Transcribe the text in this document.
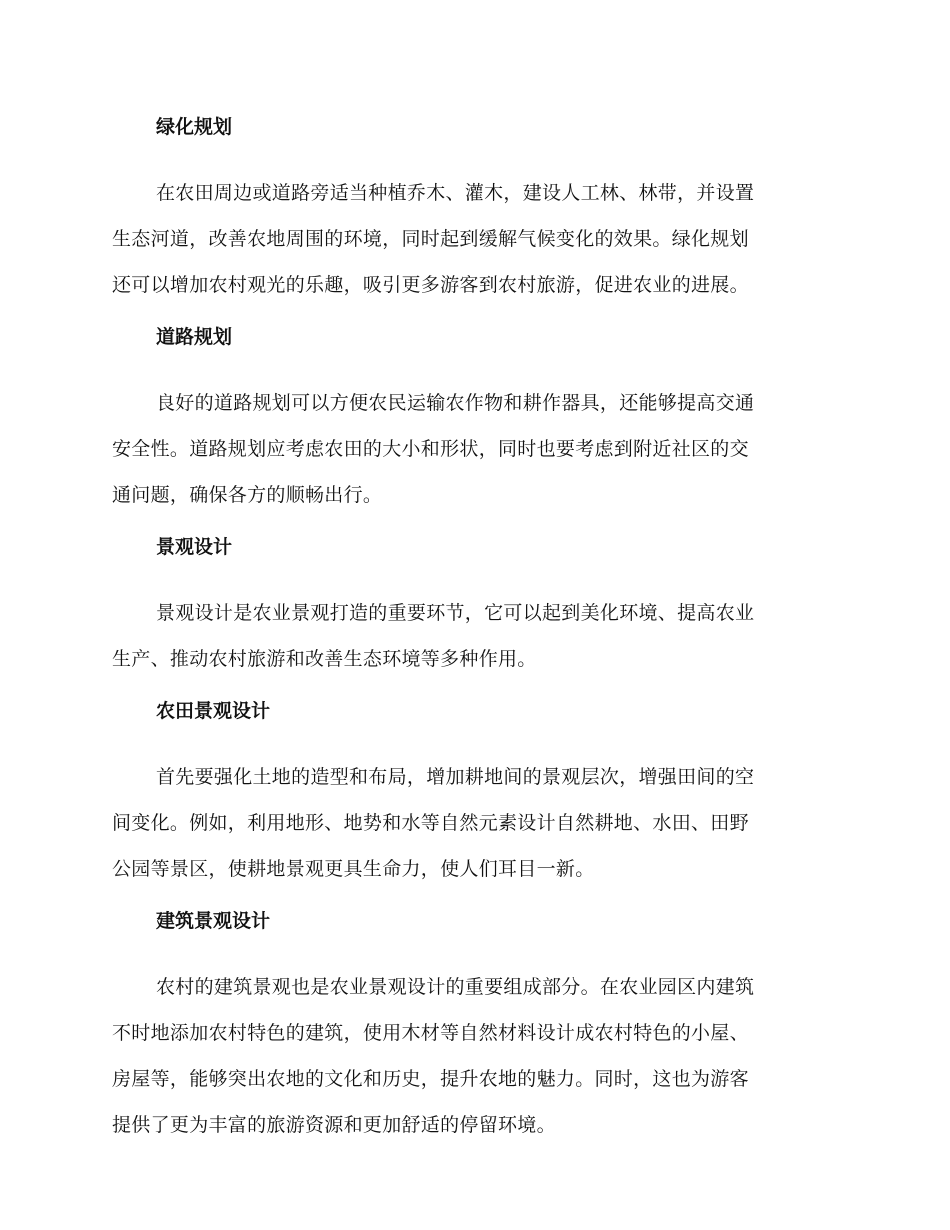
绿化规划
在农田周边或道路旁适当种植乔木、灌木，建设人工林、林带，并设置
生态河道，改善农地周围的环境，同时起到缓解气候变化的效果。绿化规划
还可以增加农村观光的乐趣，吸引更多游客到农村旅游，促进农业的进展。
道路规划
良好的道路规划可以方便农民运输农作物和耕作器具，还能够提高交通
安全性。道路规划应考虑农田的大小和形状，同时也要考虑到附近社区的交
通问题，确保各方的顺畅出行。
景观设计
景观设计是农业景观打造的重要环节，它可以起到美化环境、提高农业
生产、推动农村旅游和改善生态环境等多种作用。
农田景观设计
首先要强化土地的造型和布局，增加耕地间的景观层次，增强田间的空
间变化。例如，利用地形、地势和水等自然元素设计自然耕地、水田、田野
公园等景区，使耕地景观更具生命力，使人们耳目一新。
建筑景观设计
农村的建筑景观也是农业景观设计的重要组成部分。在农业园区内建筑
不时地添加农村特色的建筑，使用木材等自然材料设计成农村特色的小屋、
房屋等，能够突出农地的文化和历史，提升农地的魅力。同时，这也为游客
提供了更为丰富的旅游资源和更加舒适的停留环境。
